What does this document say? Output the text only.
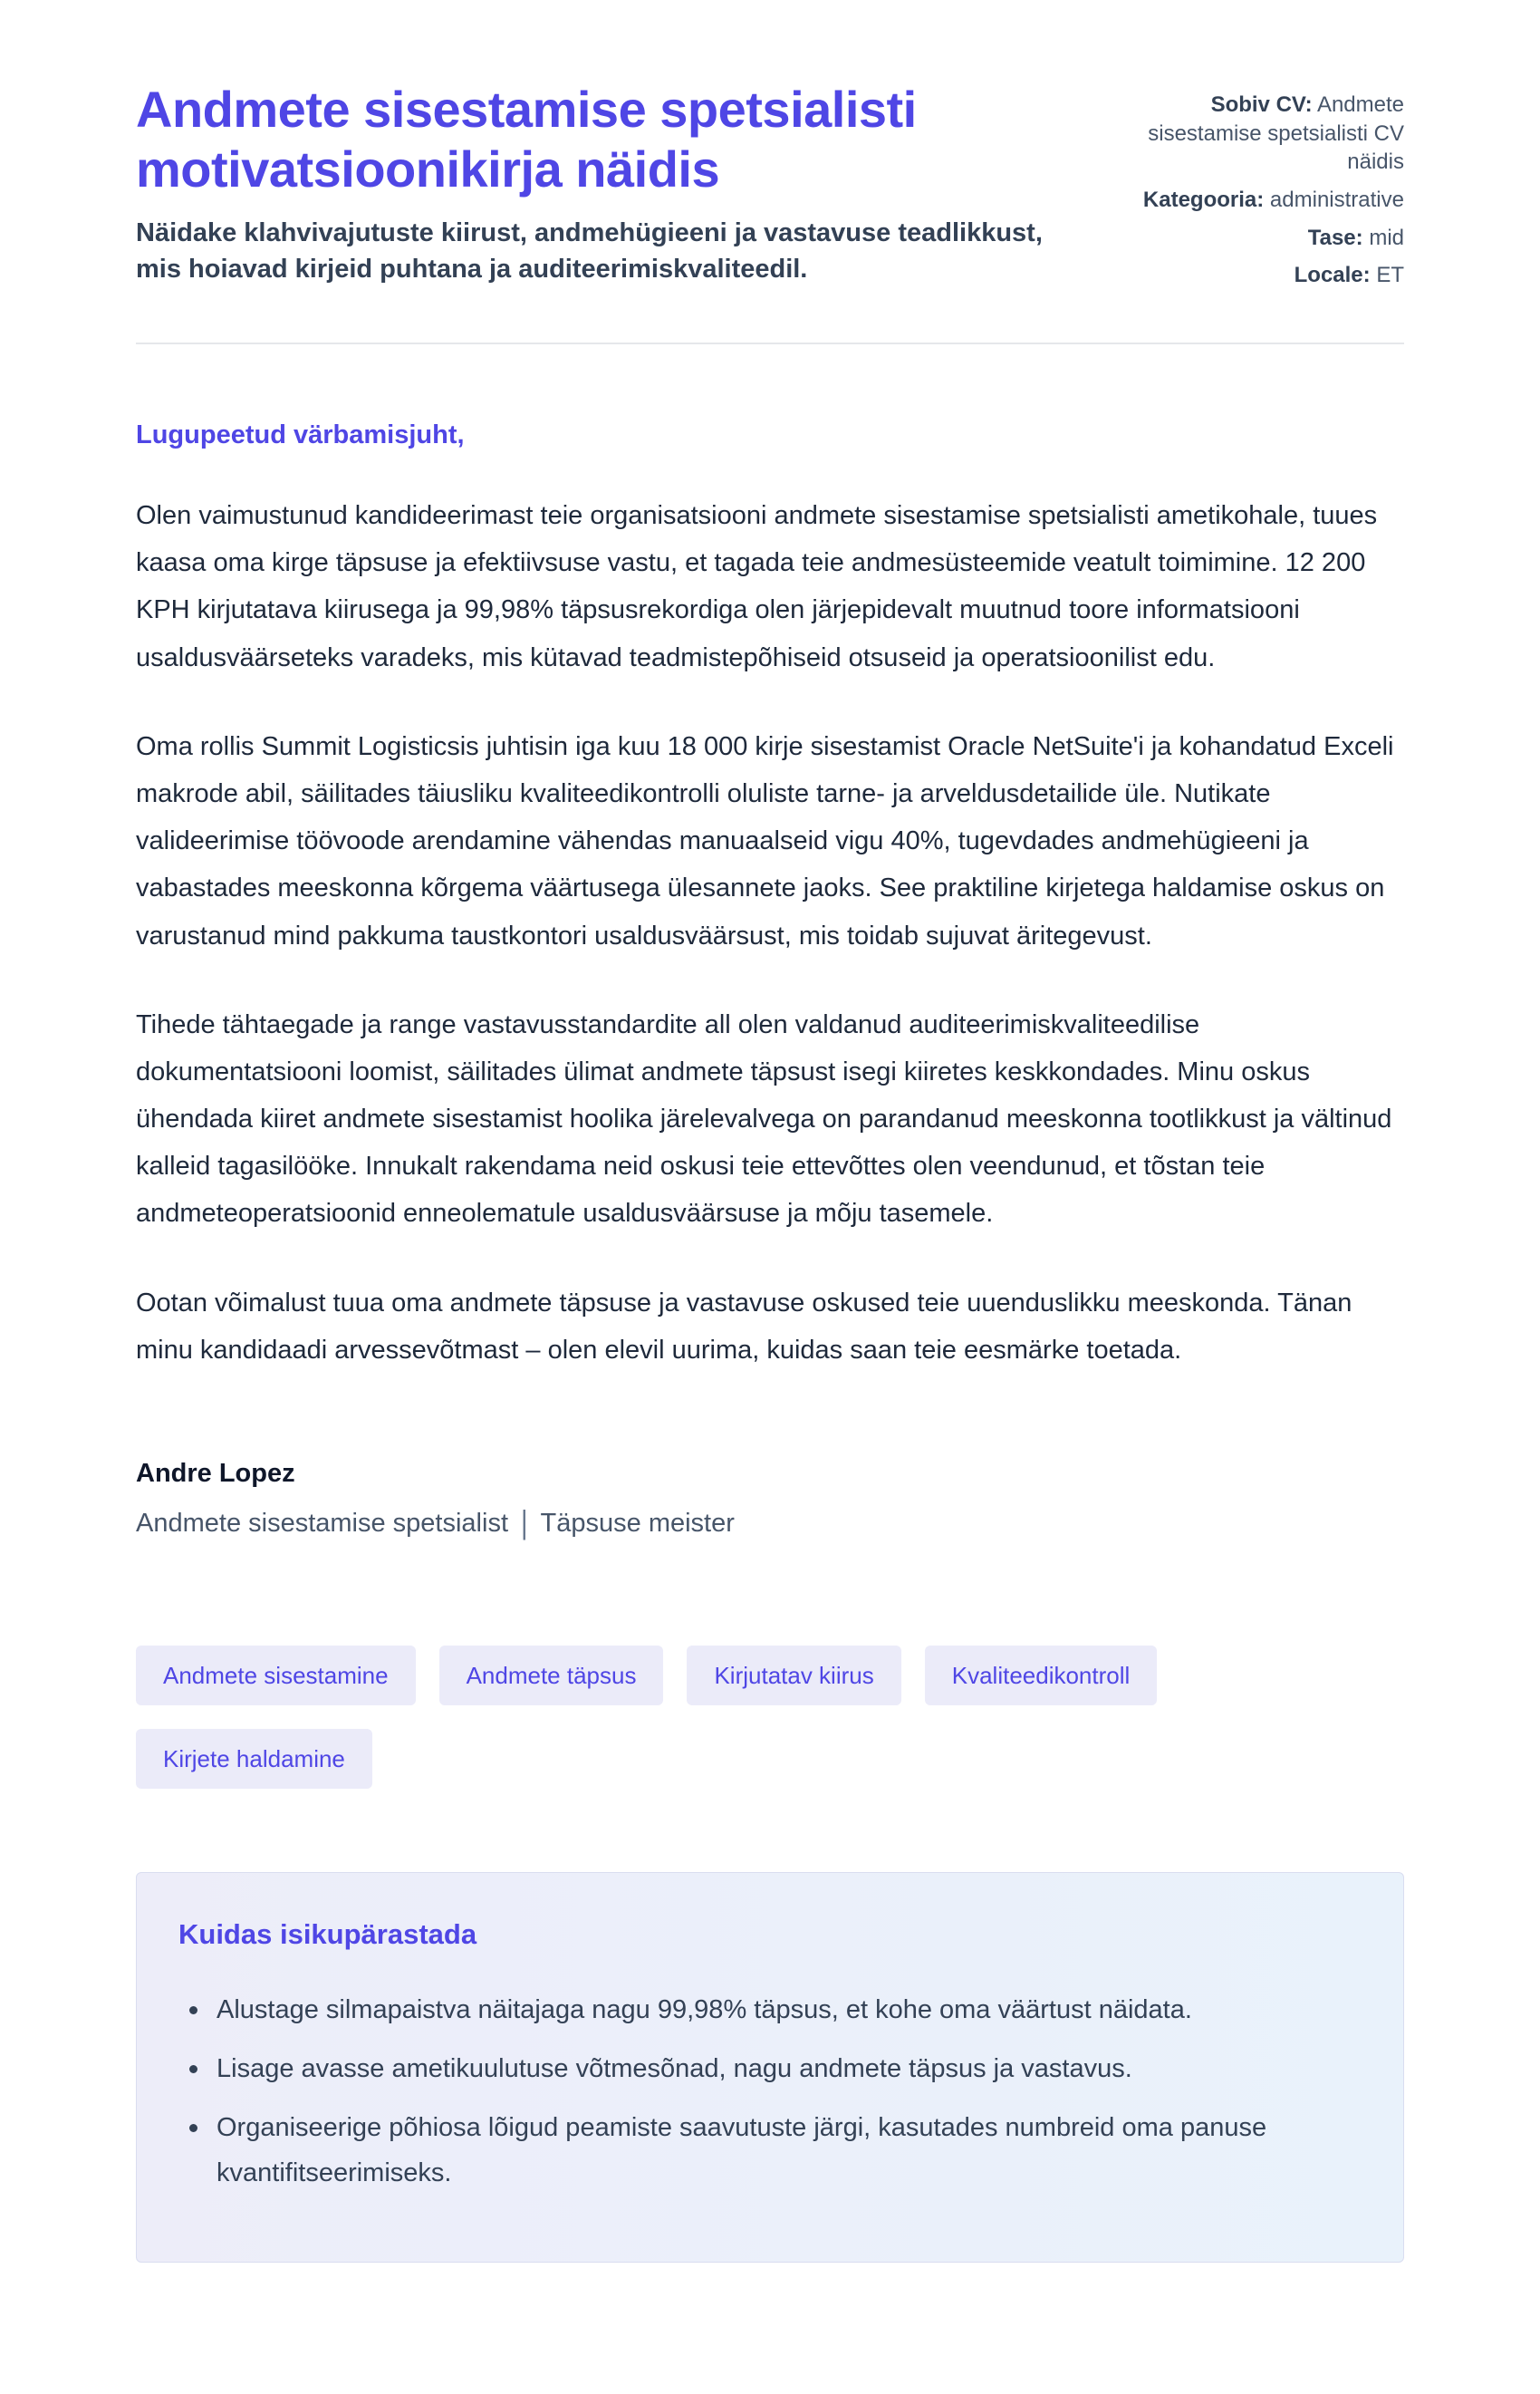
Andmete sisestamise spetsialisti motivatsioonikirja näidis

Näidake klahvivajutuste kiirust, andmehügieeni ja vastavuse teadlikkust, mis hoiavad kirjeid puhtana ja auditeerimiskvaliteedil.

Sobiv CV: Andmete sisestamise spetsialisti CV näidis
Kategooria: administrative
Tase: mid
Locale: ET

Lugupeetud värbamisjuht,

Olen vaimustunud kandideerimast teie organisatsiooni andmete sisestamise spetsialisti ametikohale, tuues kaasa oma kirge täpsuse ja efektiivsuse vastu, et tagada teie andmesüsteemide veatult toimimine. 12 200 KPH kirjutatava kiirusega ja 99,98% täpsusrekordiga olen järjepidevalt muutnud toore informatsiooni usaldusväärseteks varadeks, mis kütavad teadmistepõhiseid otsuseid ja operatsioonilist edu.

Oma rollis Summit Logisticsis juhtisin iga kuu 18 000 kirje sisestamist Oracle NetSuite'i ja kohandatud Exceli makrode abil, säilitades täiusliku kvaliteedikontrolli oluliste tarne- ja arveldusdetailide üle. Nutikate valideerimise töövoode arendamine vähendas manuaalseid vigu 40%, tugevdades andmehügieeni ja vabastades meeskonna kõrgema väärtusega ülesannete jaoks. See praktiline kirjetega haldamise oskus on varustanud mind pakkuma taustkontori usaldusväärsust, mis toidab sujuvat äritegevust.

Tihede tähtaegade ja range vastavusstandardite all olen valdanud auditeerimiskvaliteedilise dokumentatsiooni loomist, säilitades ülimat andmete täpsust isegi kiiretes keskkondades. Minu oskus ühendada kiiret andmete sisestamist hoolika järelevalvega on parandanud meeskonna tootlikkust ja vältinud kalleid tagasilööke. Innukalt rakendama neid oskusi teie ettevõttes olen veendunud, et tõstan teie andmeteoperatsioonid enneolematule usaldusväärsuse ja mõju tasemele.

Ootan võimalust tuua oma andmete täpsuse ja vastavuse oskused teie uuenduslikku meeskonda. Tänan minu kandidaadi arvessevõtmast – olen elevil uurima, kuidas saan teie eesmärke toetada.

Andre Lopez

Andmete sisestamise spetsialist | Täpsuse meister

Andmete sisestamine	Andmete täpsus	Kirjutatav kiirus	Kvaliteedikontroll
Kirjete haldamine
Kuidas isikupärastada
Alustage silmapaistva näitajaga nagu 99,98% täpsus, et kohe oma väärtust näidata.
Lisage avasse ametikuulutuse võtmesõnad, nagu andmete täpsus ja vastavus.
Organiseerige põhiosa lõigud peamiste saavutuste järgi, kasutades numbreid oma panuse kvantifitseerimiseks.
